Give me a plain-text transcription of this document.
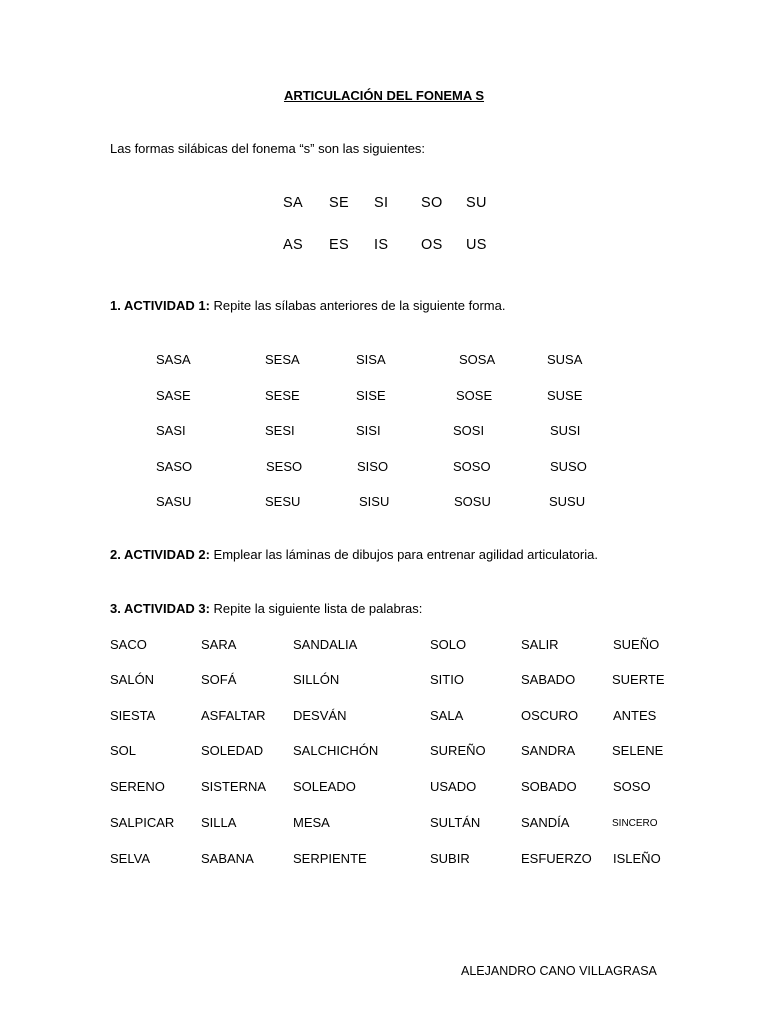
ARTICULACIÓN DEL FONEMA S
Las formas silábicas del fonema “s” son las siguientes:
SA SE SI SO SU
AS ES IS OS US
1. ACTIVIDAD 1: Repite las sílabas anteriores de la siguiente forma.
SASA	SESA	SISA	SOSA	SUSA
SASE	SESE	SISE	SOSE	SUSE
SASI	SESI	SISI	SOSI	SUSI
SASO	SESO	SISO	SOSO	SUSO
SASU	SESU	SISU	SOSU	SUSU
2. ACTIVIDAD 2: Emplear las láminas de dibujos para entrenar agilidad articulatoria.
3. ACTIVIDAD 3: Repite la siguiente lista de palabras:
SACO	SARA	SANDALIA	SOLO	SALIR	SUEÑO
SALÓN	SOFÁ	SILLÓN	SITIO	SABADO	SUERTE
SIESTA	ASFALTAR DESVÁN	SALA	OSCURO	ANTES
SOL	SOLEDAD SALCHICHÓN	SUREÑO	SANDRA	SELENE
SERENO	SISTERNA SOLEADO	USADO	SOBADO	SOSO
SALPICAR SILLA	MESA	SULTÁN	SANDÍA	SINCERO
SELVA	SABANA	SERPIENTE	SUBIR	ESFUERZO ISLEÑO
ALEJANDRO CANO VILLAGRASA
